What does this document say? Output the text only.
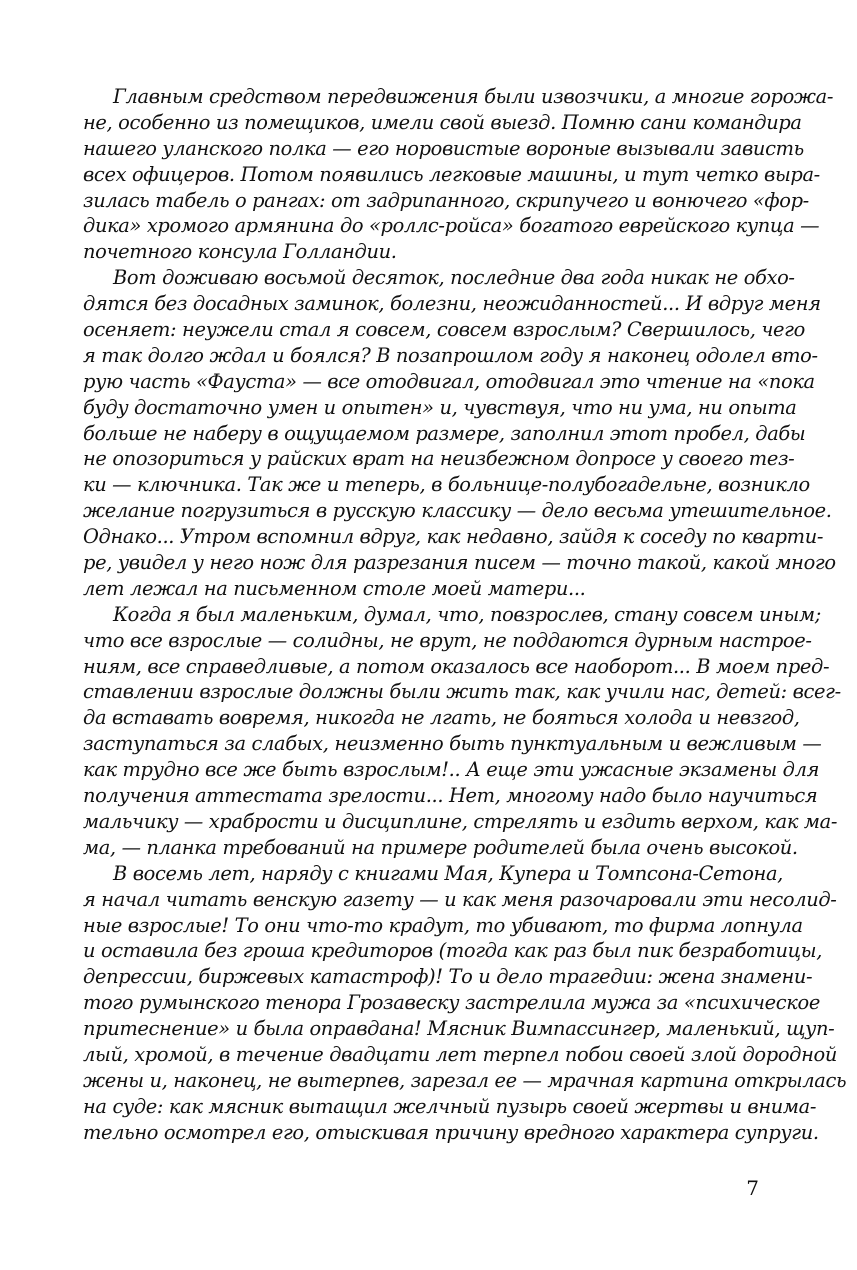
Главным средством передвижения были извозчики, а многие горожа-
не, особенно из помещиков, имели свой выезд. Помню сани командира
нашего уланского полка — его норовистые вороные вызывали зависть
всех офицеров. Потом появились легковые машины, и тут четко выра-
зилась табель о рангах: от задрипанного, скрипучего и вонючего «фор-
дика» хромого армянина до «роллс-ройса» богатого еврейского купца —
почетного консула Голландии.
Вот доживаю восьмой десяток, последние два года никак не обхо-
дятся без досадных заминок, болезни, неожиданностей... И вдруг меня
осеняет: неужели стал я совсем, совсем взрослым? Свершилось, чего
я так долго ждал и боялся? В позапрошлом году я наконец одолел вто-
рую часть «Фауста» — все отодвигал, отодвигал это чтение на «пока
буду достаточно умен и опытен» и, чувствуя, что ни ума, ни опыта
больше не наберу в ощущаемом размере, заполнил этот пробел, дабы
не опозориться у райских врат на неизбежном допросе у своего тез-
ки — ключника. Так же и теперь, в больнице-полубогадельне, возникло
желание погрузиться в русскую классику — дело весьма утешительное.
Однако... Утром вспомнил вдруг, как недавно, зайдя к соседу по кварти-
ре, увидел у него нож для разрезания писем — точно такой, какой много
лет лежал на письменном столе моей матери...
Когда я был маленьким, думал, что, повзрослев, стану совсем иным;
что все взрослые — солидны, не врут, не поддаются дурным настрое-
ниям, все справедливые, а потом оказалось все наоборот... В моем пред-
ставлении взрослые должны были жить так, как учили нас, детей: всег-
да вставать вовремя, никогда не лгать, не бояться холода и невзгод,
заступаться за слабых, неизменно быть пунктуальным и вежливым —
как трудно все же быть взрослым!.. А еще эти ужасные экзамены для
получения аттестата зрелости... Нет, многому надо было научиться
мальчику — храбрости и дисциплине, стрелять и ездить верхом, как ма-
ма, — планка требований на примере родителей была очень высокой.
В восемь лет, наряду с книгами Мая, Купера и Томпсона-Сетона,
я начал читать венскую газету — и как меня разочаровали эти несолид-
ные взрослые! То они что-то крадут, то убивают, то фирма лопнула
и оставила без гроша кредиторов (тогда как раз был пик безработицы,
депрессии, биржевых катастроф)! То и дело трагедии: жена знамени-
того румынского тенора Грозавеску застрелила мужа за «психическое
притеснение» и была оправдана! Мясник Вимпассингер, маленький, щуп-
лый, хромой, в течение двадцати лет терпел побои своей злой дородной
жены и, наконец, не вытерпев, зарезал ее — мрачная картина открылась
на суде: как мясник вытащил желчный пузырь своей жертвы и внима-
тельно осмотрел его, отыскивая причину вредного характера супруги.
7
